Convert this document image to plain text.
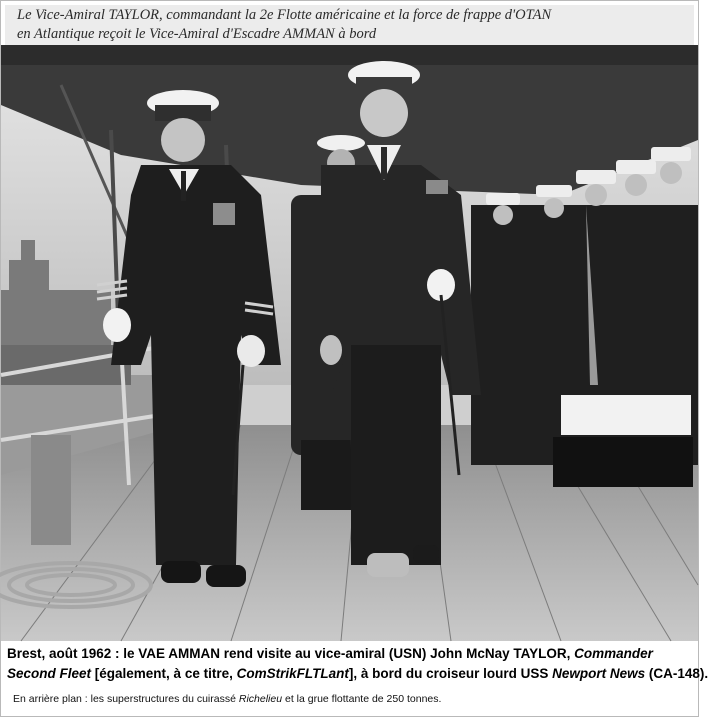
Le Vice-Amiral TAYLOR, commandant la 2e Flotte américaine et la force de frappe d'OTAN
en Atlantique reçoit le Vice-Amiral d'Escadre AMMAN à bord
Brest, août 1962 : le VAE AMMAN rend visite au vice-amiral (USN) John McNay TAYLOR, Commander
Second Fleet [également, à ce titre, ComStrikFLTLant], à bord du croiseur lourd USS Newport News (CA-148).
En arrière plan : les superstructures du cuirassé Richelieu et la grue flottante de 250 tonnes.
